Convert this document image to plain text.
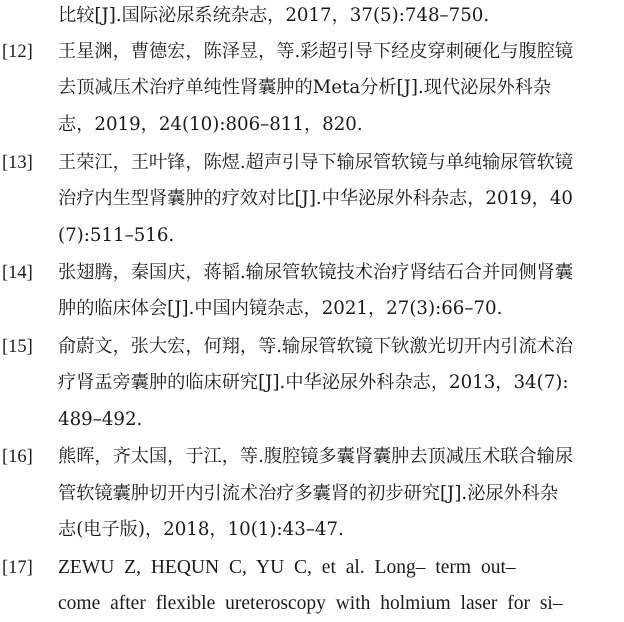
比较[J].国际泌尿系统杂志，2017，37(5):748–750.
[12]	王星渊，曹德宏，陈泽昱，等.彩超引导下经皮穿刺硬化与腹腔镜
去顶减压术治疗单纯性肾囊肿的Meta分析[J].现代泌尿外科杂
志，2019，24(10):806–811，820.
[13]	王荣江，王叶锋，陈煜.超声引导下输尿管软镜与单纯输尿管软镜
治疗内生型肾囊肿的疗效对比[J].中华泌尿外科杂志，2019，40
(7):511–516.
[14]	张翅腾，秦国庆，蒋韬.输尿管软镜技术治疗肾结石合并同侧肾囊
肿的临床体会[J].中国内镜杂志，2021，27(3):66–70.
[15]	俞蔚文，张大宏，何翔，等.输尿管软镜下钬激光切开内引流术治
疗肾盂旁囊肿的临床研究[J].中华泌尿外科杂志，2013，34(7):
489–492.
[16]	熊晖，齐太国，于江，等.腹腔镜多囊肾囊肿去顶减压术联合输尿
管软镜囊肿切开内引流术治疗多囊肾的初步研究[J].泌尿外科杂
志(电子版)，2018，10(1):43–47.
[17]	ZEWU Z, HEQUN C, YU C, et al. Long– term out–
come after flexible ureteroscopy with holmium laser for si–
